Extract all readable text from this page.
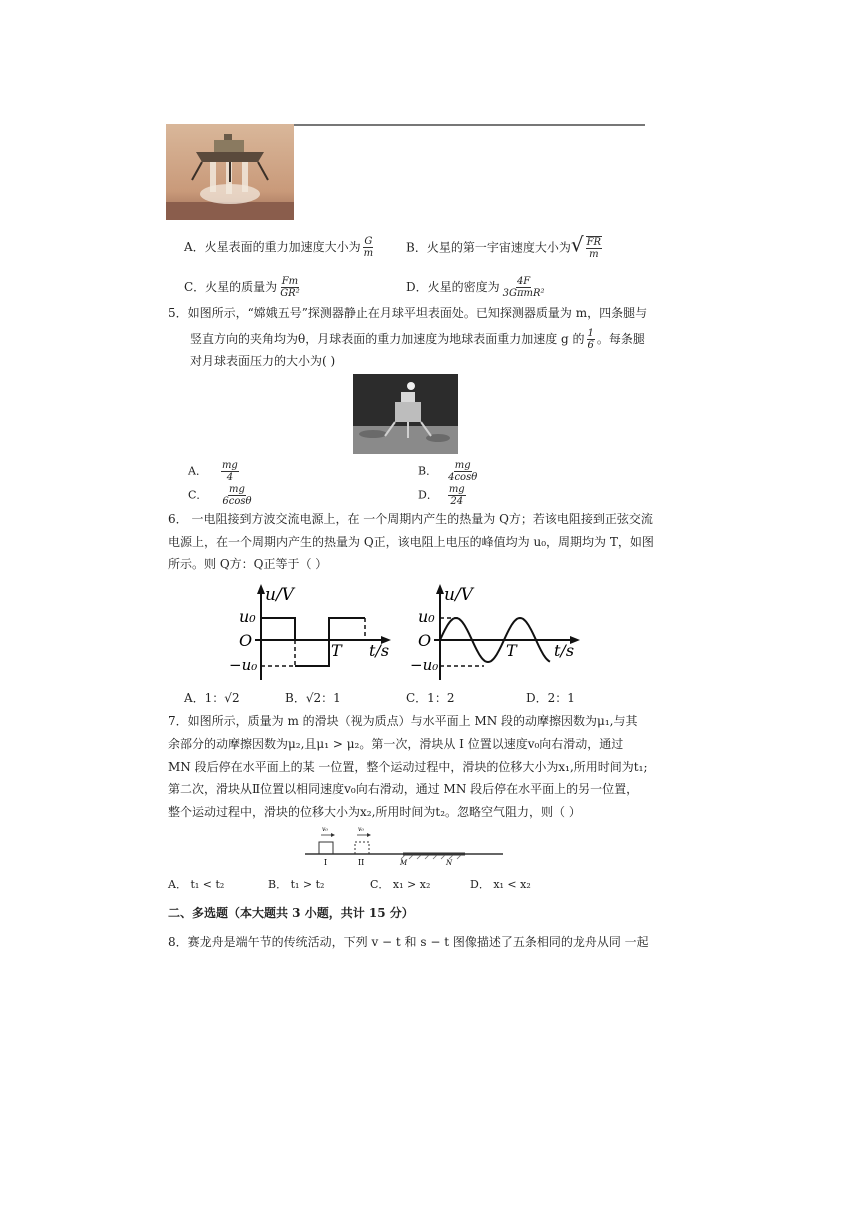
A．火星表面的重力加速度大小为 $\frac{G}{m}$	B．火星的第一宇宙速度大小为√ $\frac{FR}{m}$
C．火星的质量为 $\frac{Fm}{\text{GR²}}$	D．火星的密度为 $\frac{4F}{\text{3GπmR²}}$
5．如图所示，“嫦娥五号”探测器静止在月球平坦表面处。已知探测器质量为 m，四条腿与
竖直方向的夹角均为θ，月球表面的重力加速度为地球表面重力加速度 g 的 $\frac{1}{6}$ 。每条腿
对月球表面压力的大小为( )
A． $\frac{mg}{4}$	B． $\frac{mg}{4\cos\theta}$
C． $\frac{mg}{6\cos\theta}$	D． $\frac{mg}{24}$
6． 一电阻接到方波交流电源上，在 一个周期内产生的热量为 Q方；若该电阻接到正弦交流
电源上，在一个周期内产生的热量为 Q正，该电阻上电压的峰值均为 u₀，周期均为 T，如图
所示。则 Q方：Q正等于（ ）
u/V
u₀
O
T t/s
−u₀
u/V
u₀
O
T t/s
−u₀
A．1：√2	B．√2：1	C．1：2	D．2：1
7．如图所示，质量为 m 的滑块（视为质点）与水平面上 MN 段的动摩擦因数为μ₁,与其
余部分的动摩擦因数为μ₂,且μ₁ > μ₂。第一次，滑块从 I 位置以速度v₀向右滑动，通过
MN 段后停在水平面上的某 一位置，整个运动过程中，滑块的位移大小为x₁,所用时间为t₁;
第二次，滑块从Ⅱ位置以相同速度v₀向右滑动，通过 MN 段后停在水平面上的另一位置，
整个运动过程中，滑块的位移大小为x₂,所用时间为t₂。忽略空气阻力，则（ ）
v₀	v₀
I	II	M	N
A． t₁ < t₂	B． t₁ > t₂	C． x₁ > x₂	D． x₁ < x₂
二、多选题（本大题共 3 小题，共计 15 分）
8．赛龙舟是端午节的传统活动，下列 v − t 和 s − t 图像描述了五条相同的龙舟从同 一起
